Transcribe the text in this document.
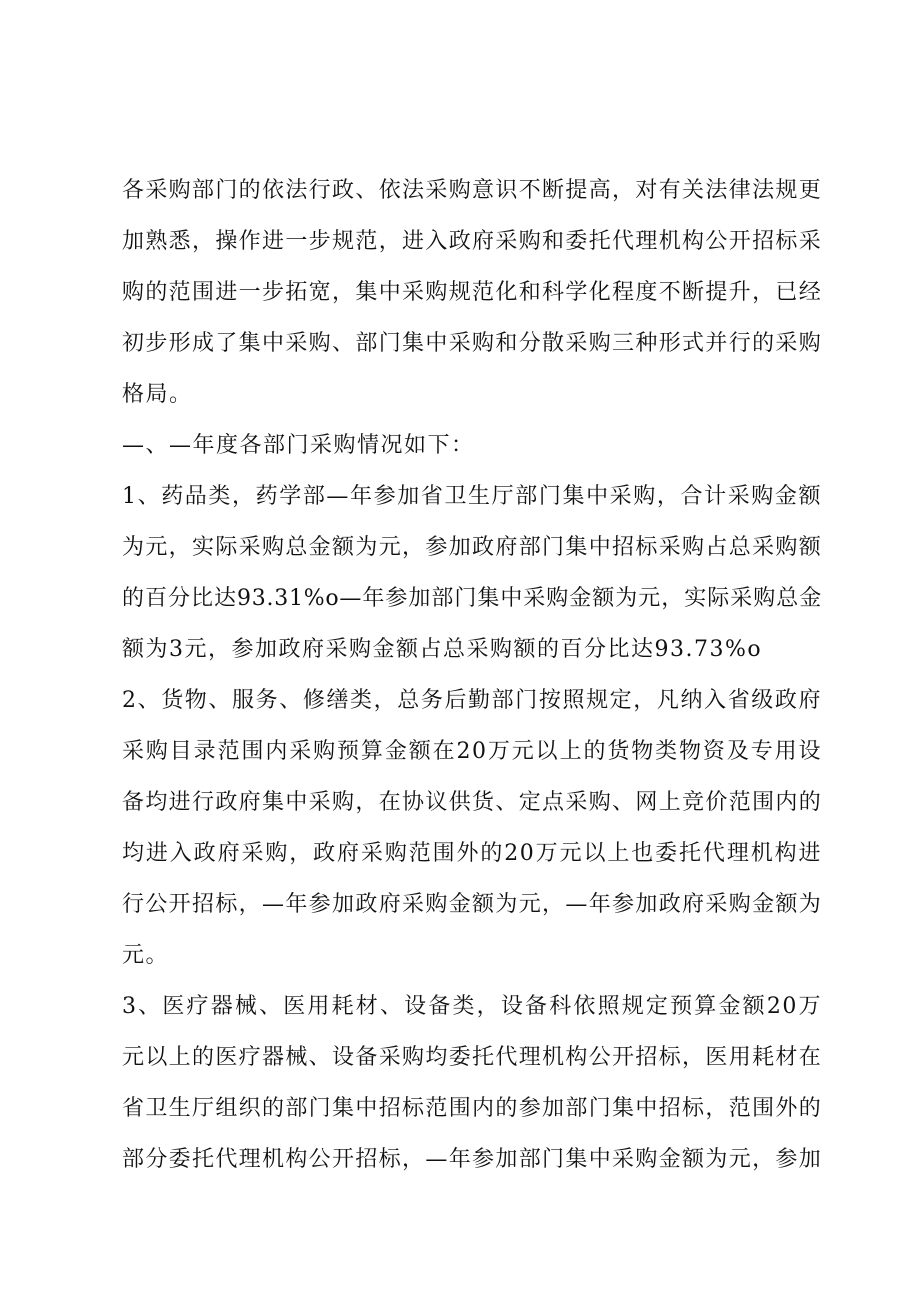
各采购部门的依法行政、依法采购意识不断提高，对有关法律法规更
加熟悉，操作进一步规范，进入政府采购和委托代理机构公开招标采
购的范围进一步拓宽，集中采购规范化和科学化程度不断提升，已经
初步形成了集中采购、部门集中采购和分散采购三种形式并行的采购
格局。
—、—年度各部门采购情况如下：
1、药品类，药学部—年参加省卫生厅部门集中采购，合计采购金额
为元，实际采购总金额为元，参加政府部门集中招标采购占总采购额
的百分比达93.31%o—年参加部门集中采购金额为元，实际采购总金
额为3元，参加政府采购金额占总采购额的百分比达93.73%o
2、货物、服务、修缮类，总务后勤部门按照规定，凡纳入省级政府
采购目录范围内采购预算金额在20万元以上的货物类物资及专用设
备均进行政府集中采购，在协议供货、定点采购、网上竞价范围内的
均进入政府采购，政府采购范围外的20万元以上也委托代理机构进
行公开招标，—年参加政府采购金额为元，—年参加政府采购金额为
元。
3、医疗器械、医用耗材、设备类，设备科依照规定预算金额20万
元以上的医疗器械、设备采购均委托代理机构公开招标，医用耗材在
省卫生厅组织的部门集中招标范围内的参加部门集中招标，范围外的
部分委托代理机构公开招标，—年参加部门集中采购金额为元，参加
